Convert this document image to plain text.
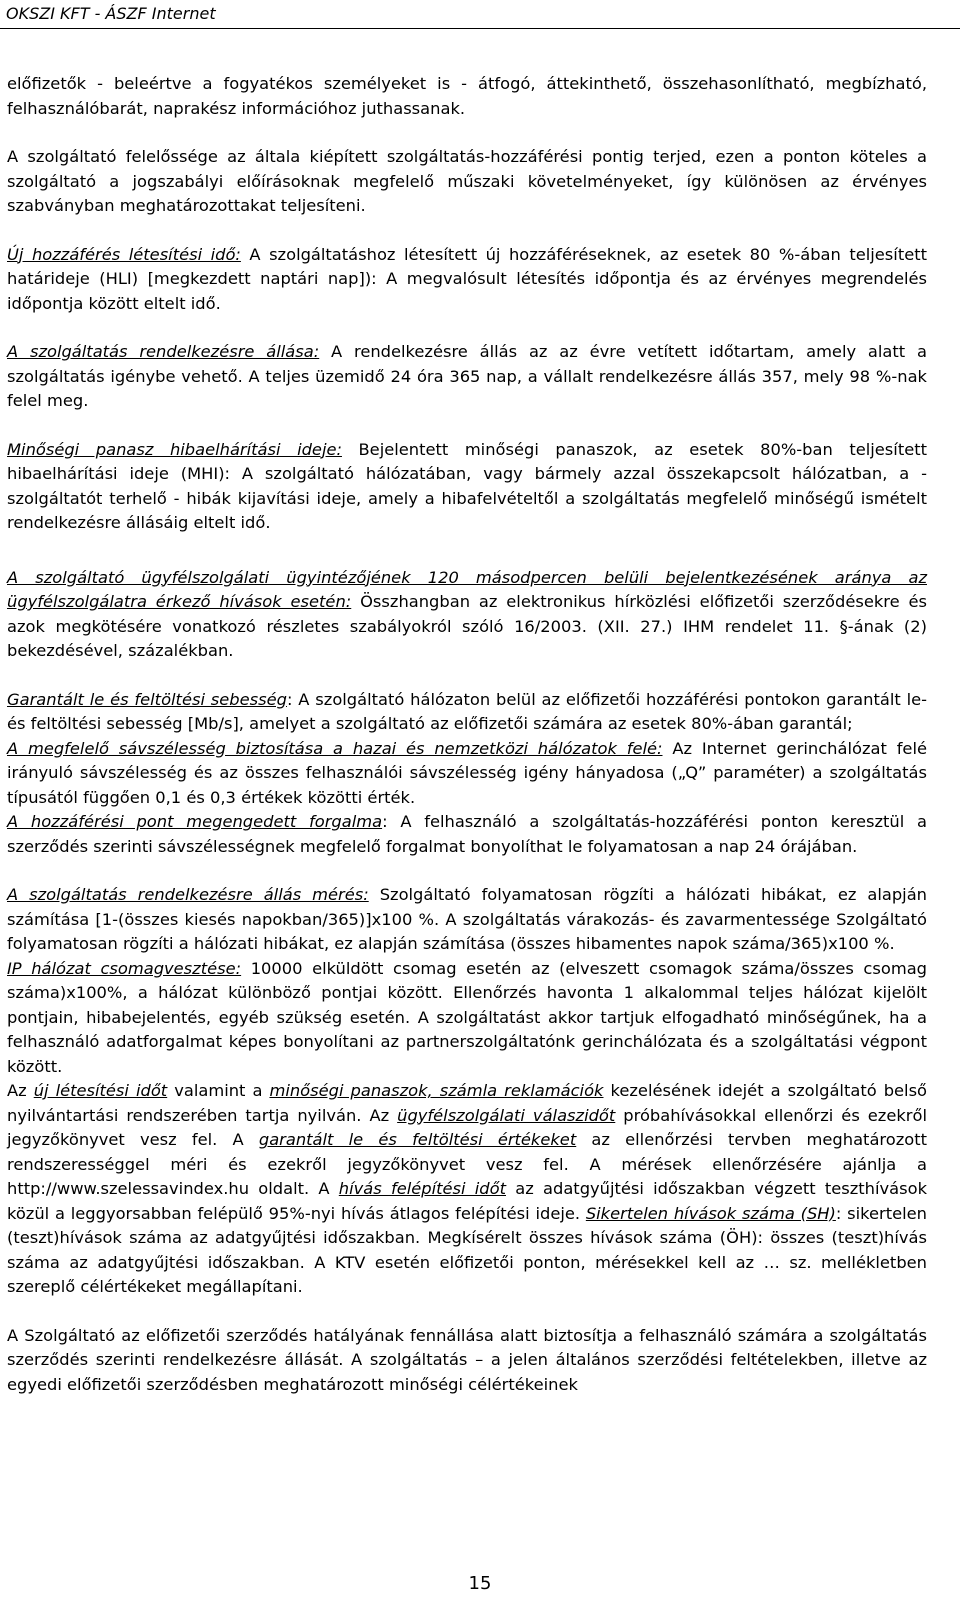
OKSZI KFT - ÁSZF Internet

előfizetők - beleértve a fogyatékos személyeket is - átfogó, áttekinthető, összehasonlítható, megbízható, felhasználóbarát, naprakész információhoz juthassanak.

A szolgáltató felelőssége az általa kiépített szolgáltatás-hozzáférési pontig terjed, ezen a ponton köteles a szolgáltató a jogszabályi előírásoknak megfelelő műszaki követelményeket, így különösen az érvényes szabványban meghatározottakat teljesíteni.

Új hozzáférés létesítési idő: A szolgáltatáshoz létesített új hozzáféréseknek, az esetek 80 %-ában teljesített határideje (HLI) [megkezdett naptári nap]): A megvalósult létesítés időpontja és az érvényes megrendelés időpontja között eltelt idő.

A szolgáltatás rendelkezésre állása: A rendelkezésre állás az az évre vetített időtartam, amely alatt a szolgáltatás igénybe vehető. A teljes üzemidő 24 óra 365 nap, a vállalt rendelkezésre állás 357, mely 98 %-nak felel meg.

Minőségi panasz hibaelhárítási ideje: Bejelentett minőségi panaszok, az esetek 80%-ban teljesített hibaelhárítási ideje (MHI): A szolgáltató hálózatában, vagy bármely azzal összekapcsolt hálózatban, a - szolgáltatót terhelő - hibák kijavítási ideje, amely a hibafelvételtől a szolgáltatás megfelelő minőségű ismételt rendelkezésre állásáig eltelt idő.

A szolgáltató ügyfélszolgálati ügyintézőjének 120 másodpercen belüli bejelentkezésének aránya az ügyfélszolgálatra érkező hívások esetén: Összhangban az elektronikus hírközlési előfizetői szerződésekre és azok megkötésére vonatkozó részletes szabályokról szóló 16/2003. (XII. 27.) IHM rendelet 11. §-ának (2) bekezdésével, százalékban.

Garantált le és feltöltési sebesség: A szolgáltató hálózaton belül az előfizetői hozzáférési pontokon garantált le- és feltöltési sebesség [Mb/s], amelyet a szolgáltató az előfizetői számára az esetek 80%-ában garantál;

A megfelelő sávszélesség biztosítása a hazai és nemzetközi hálózatok felé: Az Internet gerinchálózat felé irányuló sávszélesség és az összes felhasználói sávszélesség igény hányadosa („Q” paraméter) a szolgáltatás típusától függően 0,1 és 0,3 értékek közötti érték.

A hozzáférési pont megengedett forgalma: A felhasználó a szolgáltatás-hozzáférési ponton keresztül a szerződés szerinti sávszélességnek megfelelő forgalmat bonyolíthat le folyamatosan a nap 24 órájában.

A szolgáltatás rendelkezésre állás mérés: Szolgáltató folyamatosan rögzíti a hálózati hibákat, ez alapján számítása [1-(összes kiesés napokban/365)]x100 %. A szolgáltatás várakozás- és zavarmentessége Szolgáltató folyamatosan rögzíti a hálózati hibákat, ez alapján számítása (összes hibamentes napok száma/365)x100 %.

IP hálózat csomagvesztése: 10000 elküldött csomag esetén az (elveszett csomagok száma/összes csomag száma)x100%, a hálózat különböző pontjai között. Ellenőrzés havonta 1 alkalommal teljes hálózat kijelölt pontjain, hibabejelentés, egyéb szükség esetén. A szolgáltatást akkor tartjuk elfogadható minőségűnek, ha a felhasználó adatforgalmat képes bonyolítani az partnerszolgáltatónk gerinchálózata és a szolgáltatási végpont között.

Az új létesítési időt valamint a minőségi panaszok, számla reklamációk kezelésének idejét a szolgáltató belső nyilvántartási rendszerében tartja nyilván. Az ügyfélszolgálati válaszidőt próbahívásokkal ellenőrzi és ezekről jegyzőkönyvet vesz fel. A garantált le és feltöltési értékeket az ellenőrzési tervben meghatározott rendszerességgel méri és ezekről jegyzőkönyvet vesz fel. A mérések ellenőrzésére ajánlja a http://www.szelessavindex.hu oldalt. A hívás felépítési időt az adatgyűjtési időszakban végzett teszthívások közül a leggyorsabban felépülő 95%-nyi hívás átlagos felépítési ideje. Sikertelen hívások száma (SH): sikertelen (teszt)hívások száma az adatgyűjtési időszakban. Megkísérelt összes hívások száma (ÖH): összes (teszt)hívás száma az adatgyűjtési időszakban. A KTV esetén előfizetői ponton, mérésekkel kell az … sz. mellékletben szereplő célértékeket megállapítani.

A Szolgáltató az előfizetői szerződés hatályának fennállása alatt biztosítja a felhasználó számára a szolgáltatás szerződés szerinti rendelkezésre állását. A szolgáltatás – a jelen általános szerződési feltételekben, illetve az egyedi előfizetői szerződésben meghatározott minőségi célértékeinek

15
